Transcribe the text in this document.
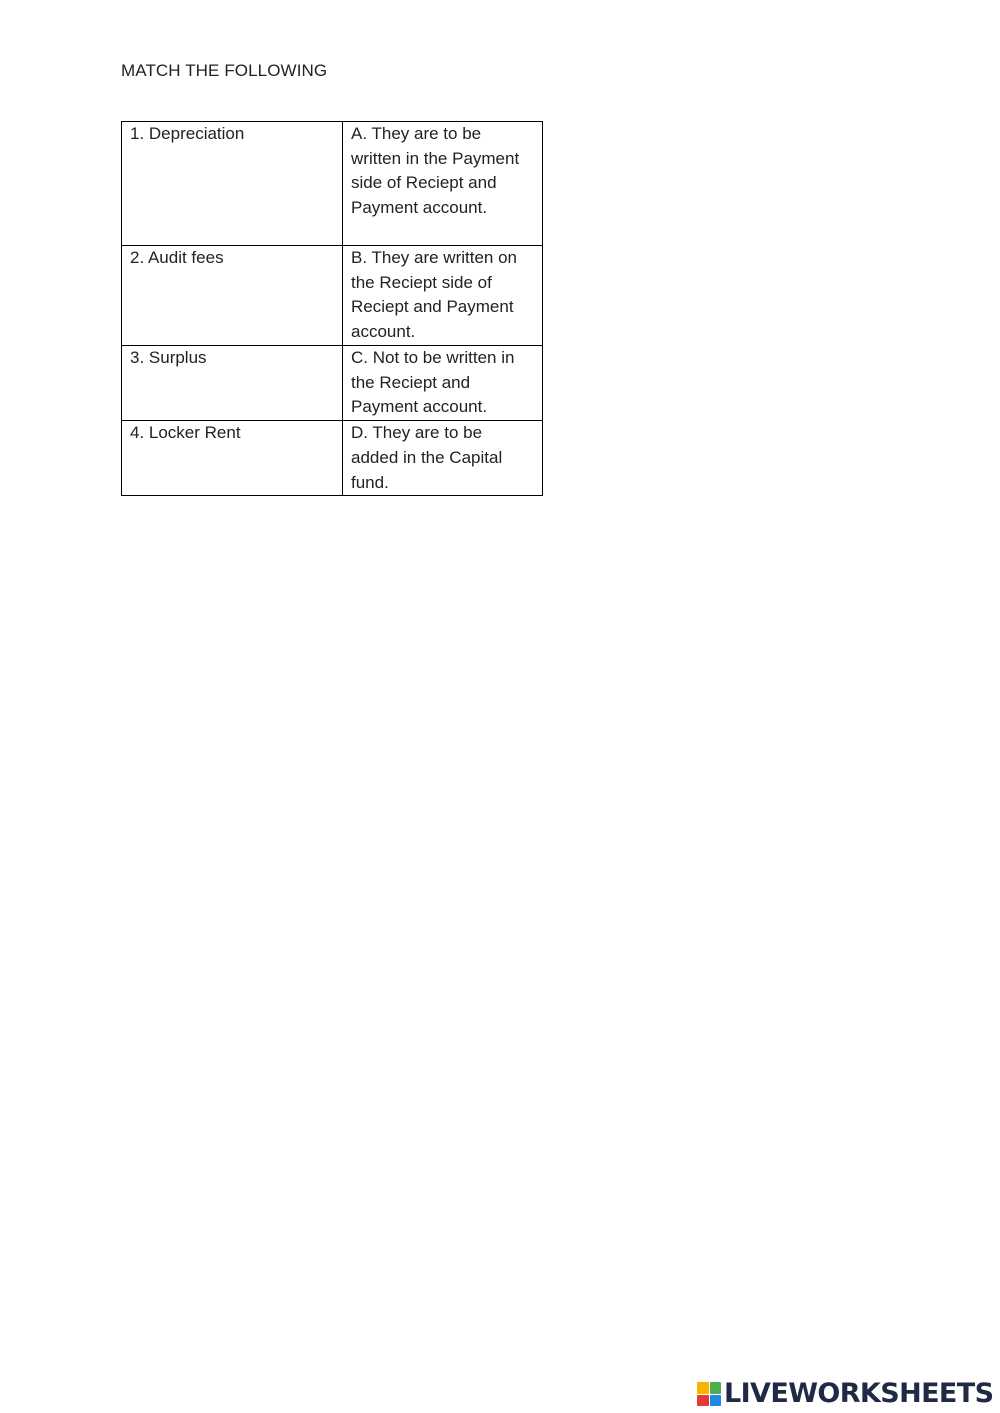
MATCH THE FOLLOWING
1. Depreciation	A. They are to be written in the Payment side of Reciept and Payment account.
2. Audit fees	B. They are written on the Reciept side of Reciept and Payment account.
3. Surplus	C. Not to be written in the Reciept and Payment account.
4. Locker Rent	D. They are to be added in the Capital fund.
LIVEWORKSHEETS
